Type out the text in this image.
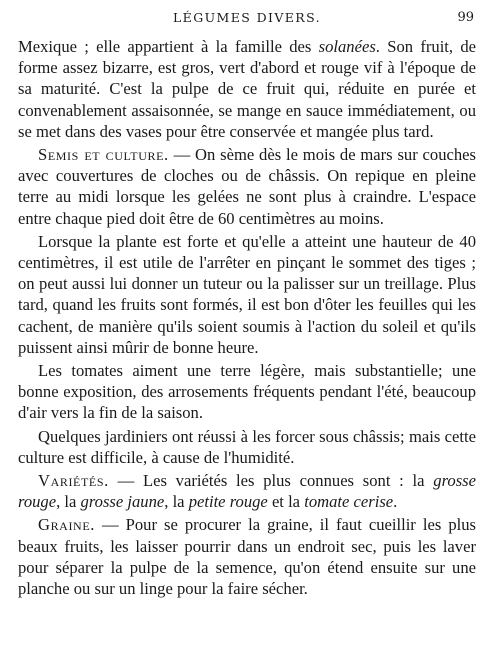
LÉGUMES DIVERS.	99

Mexique ; elle appartient à la famille des solanées. Son fruit, de forme assez bizarre, est gros, vert d'abord et rouge vif à l'époque de sa maturité. C'est la pulpe de ce fruit qui, réduite en purée et convenablement assaisonnée, se mange en sauce immédiatement, ou se met dans des vases pour être conservée et mangée plus tard.

Semis et culture. — On sème dès le mois de mars sur couches avec couvertures de cloches ou de châssis. On repique en pleine terre au midi lorsque les gelées ne sont plus à craindre. L'espace entre chaque pied doit être de 60 centimètres au moins.

Lorsque la plante est forte et qu'elle a atteint une hauteur de 40 centimètres, il est utile de l'arrêter en pinçant le sommet des tiges ; on peut aussi lui donner un tuteur ou la palisser sur un treillage. Plus tard, quand les fruits sont formés, il est bon d'ôter les feuilles qui les cachent, de manière qu'ils soient soumis à l'action du soleil et qu'ils puissent ainsi mûrir de bonne heure.

Les tomates aiment une terre légère, mais substantielle; une bonne exposition, des arrosements fréquents pendant l'été, beaucoup d'air vers la fin de la saison.

Quelques jardiniers ont réussi à les forcer sous châssis; mais cette culture est difficile, à cause de l'humidité.

Variétés. — Les variétés les plus connues sont : la grosse rouge, la grosse jaune, la petite rouge et la tomate cerise.

Graine. — Pour se procurer la graine, il faut cueillir les plus beaux fruits, les laisser pourrir dans un endroit sec, puis les laver pour séparer la pulpe de la semence, qu'on étend ensuite sur une planche ou sur un linge pour la faire sécher.
